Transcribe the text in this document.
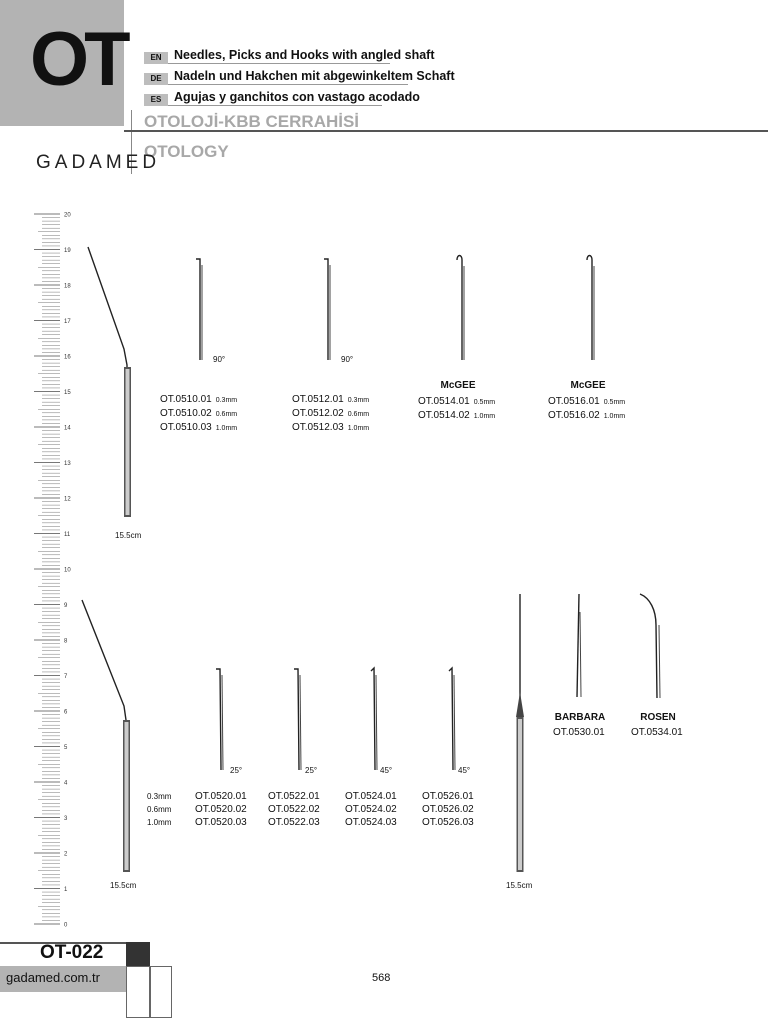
OT	EN Needles, Picks and Hooks with angled shaft
DE Nadeln und Hakchen mit abgewinkeltem Schaft
ES	Agujas y ganchitos con vastago acodado
OTOLOJİ-KBB CERRAHİSİ
OTOLOGY
GADAMED
20
19
18
17
16
15
14
13
12
11
10
9
8
7
6
5
4
3
2
1
0
15.5cm
90°	90°
OT.0510.01 0.3mm
OT.0510.02 0.6mm
OT.0510.03 1.0mm
OT.0512.01 0.3mm
OT.0512.02 0.6mm
OT.0512.03 1.0mm
McGEE
OT.0514.01 0.5mm
OT.0514.02 1.0mm
McGEE
OT.0516.01 0.5mm
OT.0516.02 1.0mm
15.5cm
0.3mm
0.6mm
1.0mm
25°	25°	45°	45°
OT.0520.01
OT.0520.02
OT.0520.03
OT.0522.01
OT.0522.02
OT.0522.03
OT.0524.01
OT.0524.02
OT.0524.03
OT.0526.01
OT.0526.02
OT.0526.03
15.5cm
BARBARA
OT.0530.01
ROSEN
OT.0534.01
OT-022
gadamed.com.tr	568
